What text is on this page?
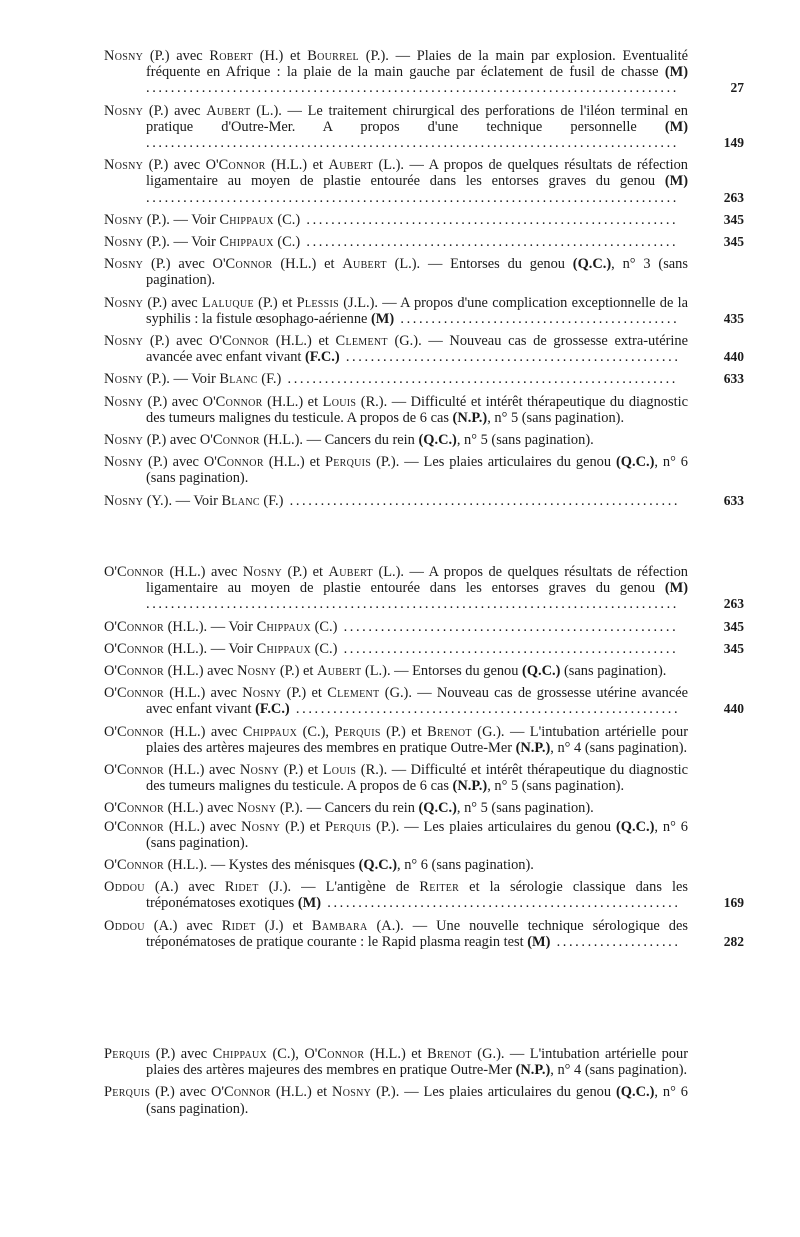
Nosny (P.) avec Robert (H.) et Bourrel (P.). — Plaies de la main par explosion. Eventualité fréquente en Afrique : la plaie de la main gauche par éclatement de fusil de chasse (M) ......................................................................................	27

Nosny (P.) avec Aubert (L.). — Le traitement chirurgical des perforations de l'iléon terminal en pratique d'Outre-Mer. A propos d'une technique personnelle (M) ......................................................................................	149

Nosny (P.) avec O'Connor (H.L.) et Aubert (L.). — A propos de quelques résultats de réfection ligamentaire au moyen de plastie entourée dans les entorses graves du genou (M) ......................................................................................	263

Nosny (P.). — Voir Chippaux (C.) ............................................................	345

Nosny (P.). — Voir Chippaux (C.) ............................................................	345

Nosny (P.) avec O'Connor (H.L.) et Aubert (L.). — Entorses du genou (Q.C.), n° 3 (sans pagination).

Nosny (P.) avec Laluque (P.) et Plessis (J.L.). — A propos d'une complication exceptionnelle de la syphilis : la fistule œsophago-aérienne (M) .............................................	435

Nosny (P.) avec O'Connor (H.L.) et Clement (G.). — Nouveau cas de grossesse extra-utérine avancée avec enfant vivant (F.C.) ......................................................	440

Nosny (P.). — Voir Blanc (F.) ...............................................................	633

Nosny (P.) avec O'Connor (H.L.) et Louis (R.). — Difficulté et intérêt thérapeutique du diagnostic des tumeurs malignes du testicule. A propos de 6 cas (N.P.), n° 5 (sans pagination).

Nosny (P.) avec O'Connor (H.L.). — Cancers du rein (Q.C.), n° 5 (sans pagination).

Nosny (P.) avec O'Connor (H.L.) et Perquis (P.). — Les plaies articulaires du genou (Q.C.), n° 6 (sans pagination).

Nosny (Y.). — Voir Blanc (F.) ...............................................................	633

O'Connor (H.L.) avec Nosny (P.) et Aubert (L.). — A propos de quelques résultats de réfection ligamentaire au moyen de plastie entourée dans les entorses graves du genou (M) ......................................................................................	263

O'Connor (H.L.). — Voir Chippaux (C.) ......................................................	345

O'Connor (H.L.). — Voir Chippaux (C.) ......................................................	345

O'Connor (H.L.) avec Nosny (P.) et Aubert (L.). — Entorses du genou (Q.C.) (sans pagination).

O'Connor (H.L.) avec Nosny (P.) et Clement (G.). — Nouveau cas de grossesse utérine avancée avec enfant vivant (F.C.) ..............................................................	440

O'Connor (H.L.) avec Chippaux (C.), Perquis (P.) et Brenot (G.). — L'intubation artérielle pour plaies des artères majeures des membres en pratique Outre-Mer (N.P.), n° 4 (sans pagination).

O'Connor (H.L.) avec Nosny (P.) et Louis (R.). — Difficulté et intérêt thérapeutique du diagnostic des tumeurs malignes du testicule. A propos de 6 cas (N.P.), n° 5 (sans pagination).

O'Connor (H.L.) avec Nosny (P.). — Cancers du rein (Q.C.), n° 5 (sans pagination).

O'Connor (H.L.) avec Nosny (P.) et Perquis (P.). — Les plaies articulaires du genou (Q.C.), n° 6 (sans pagination).

O'Connor (H.L.). — Kystes des ménisques (Q.C.), n° 6 (sans pagination).

Oddou (A.) avec Ridet (J.). — L'antigène de Reiter et la sérologie classique dans les tréponématoses exotiques (M) .........................................................	169

Oddou (A.) avec Ridet (J.) et Bambara (A.). — Une nouvelle technique sérologique des tréponématoses de pratique courante : le Rapid plasma reagin test (M) ....................	282

Perquis (P.) avec Chippaux (C.), O'Connor (H.L.) et Brenot (G.). — L'intubation artérielle pour plaies des artères majeures des membres en pratique Outre-Mer (N.P.), n° 4 (sans pagination).

Perquis (P.) avec O'Connor (H.L.) et Nosny (P.). — Les plaies articulaires du genou (Q.C.), n° 6 (sans pagination).
